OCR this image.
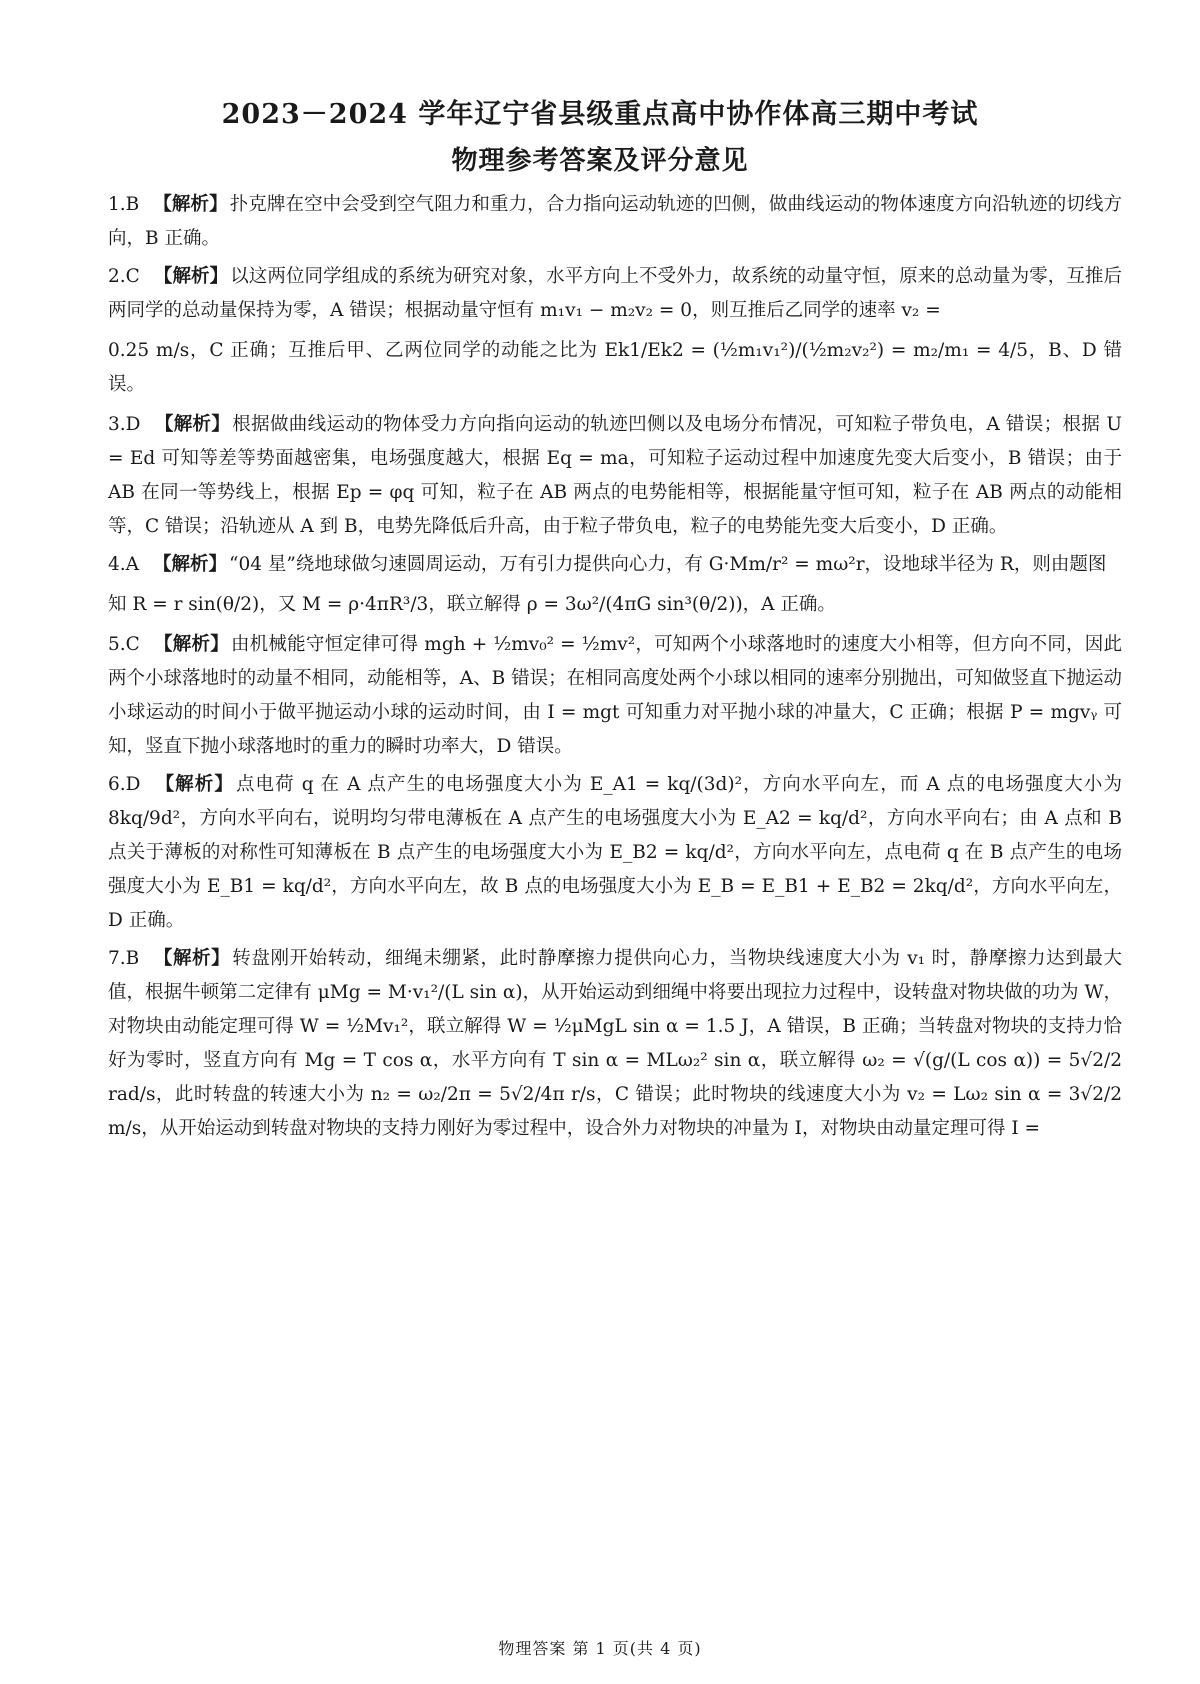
2023－2024 学年辽宁省县级重点高中协作体高三期中考试
物理参考答案及评分意见
1.B 【解析】 扑克牌在空中会受到空气阻力和重力，合力指向运动轨迹的凹侧，做曲线运动的物体速度方向沿轨迹的切线方向，B 正确。
2.C 【解析】 以这两位同学组成的系统为研究对象，水平方向上不受外力，故系统的动量守恒，原来的总动量为零，互推后两同学的总动量保持为零，A 错误；根据动量守恒有 m₁v₁ − m₂v₂ = 0，则互推后乙同学的速率 v₂ =
0.25 m/s，C 正确；互推后甲、乙两位同学的动能之比为 Ek1/Ek2 = (½m₁v₁²)/(½m₂v₂²) = m₂/m₁ = 4/5，B、D 错误。
3.D 【解析】 根据做曲线运动的物体受力方向指向运动的轨迹凹侧以及电场分布情况，可知粒子带负电，A 错误；根据 U = Ed 可知等差等势面越密集，电场强度越大，根据 Eq = ma，可知粒子运动过程中加速度先变大后变小，B 错误；由于 AB 在同一等势线上，根据 Ep = φq 可知，粒子在 AB 两点的电势能相等，根据能量守恒可知，粒子在 AB 两点的动能相等，C 错误；沿轨迹从 A 到 B，电势先降低后升高，由于粒子带负电，粒子的电势能先变大后变小，D 正确。
4.A 【解析】 “04 星”绕地球做匀速圆周运动，万有引力提供向心力，有 G·Mm/r² = mω²r，设地球半径为 R，则由题图
知 R = r sin(θ/2)，又 M = ρ·4πR³/3，联立解得 ρ = 3ω²/(4πG sin³(θ/2))，A 正确。
5.C 【解析】 由机械能守恒定律可得 mgh + ½mv₀² = ½mv²，可知两个小球落地时的速度大小相等，但方向不同，因此两个小球落地时的动量不相同，动能相等，A、B 错误；在相同高度处两个小球以相同的速率分别抛出，可知做竖直下抛运动小球运动的时间小于做平抛运动小球的运动时间，由 I = mgt 可知重力对平抛小球的冲量大，C 正确；根据 P = mgvᵧ 可知，竖直下抛小球落地时的重力的瞬时功率大，D 错误。
6.D 【解析】 点电荷 q 在 A 点产生的电场强度大小为 E_A1 = kq/(3d)²，方向水平向左，而 A 点的电场强度大小为 8kq/9d²，方向水平向右，说明均匀带电薄板在 A 点产生的电场强度大小为 E_A2 = kq/d²，方向水平向右；由 A 点和 B 点关于薄板的对称性可知薄板在 B 点产生的电场强度大小为 E_B2 = kq/d²，方向水平向左，点电荷 q 在 B 点产生的电场强度大小为 E_B1 = kq/d²，方向水平向左，故 B 点的电场强度大小为 E_B = E_B1 + E_B2 = 2kq/d²，方向水平向左，D 正确。
7.B 【解析】 转盘刚开始转动，细绳未绷紧，此时静摩擦力提供向心力，当物块线速度大小为 v₁ 时，静摩擦力达到最大值，根据牛顿第二定律有 μMg = M·v₁²/(L sin α)，从开始运动到细绳中将要出现拉力过程中，设转盘对物块做的功为 W，对物块由动能定理可得 W = ½Mv₁²，联立解得 W = ½μMgL sin α = 1.5 J，A 错误，B 正确；当转盘对物块的支持力恰好为零时，竖直方向有 Mg = T cos α，水平方向有 T sin α = MLω₂² sin α，联立解得 ω₂ = √(g/(L cos α)) = 5√2/2 rad/s，此时转盘的转速大小为 n₂ = ω₂/2π = 5√2/4π r/s，C 错误；此时物块的线速度大小为 v₂ = Lω₂ sin α = 3√2/2 m/s，从开始运动到转盘对物块的支持力刚好为零过程中，设合外力对物块的冲量为 I，对物块由动量定理可得 I =
物理答案 第 1 页(共 4 页)
